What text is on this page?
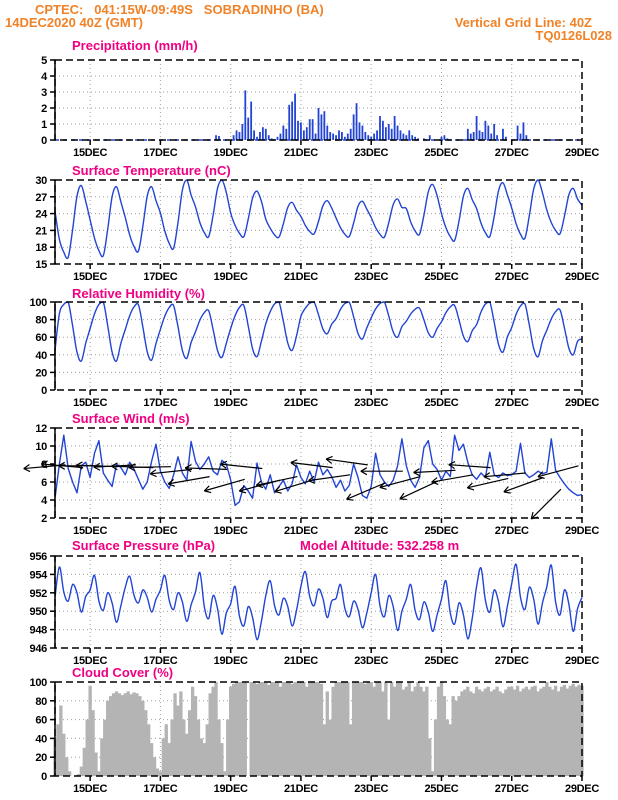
CPTEC:   041:15W-09:49S   SOBRADINHO (BA)
14DEC2020 40Z (GMT)	Vertical Grid Line: 40Z
TQ0126L028
Precipitation (mm/h)
Surface Temperature (nC)
Relative Humidity (%)
Surface Wind (m/s)
Surface Pressure (hPa)	Model Altitude: 532.258 m
Cloud Cover (%)
0
1
2
3
4
5
15DEC	17DEC	19DEC	21DEC	23DEC	25DEC	27DEC	29DEC
15
18
21
24
27
30
15DEC	17DEC	19DEC	21DEC	23DEC	25DEC	27DEC	29DEC
0
20
40
60
80
100
15DEC	17DEC	19DEC	21DEC	23DEC	25DEC	27DEC	29DEC
2
4
6
8
10
12
15DEC	17DEC	19DEC	21DEC	23DEC	25DEC	27DEC	29DEC
946
948
950
952
954
956
15DEC	17DEC	19DEC	21DEC	23DEC	25DEC	27DEC	29DEC
0
20
40
60
80
100
15DEC	17DEC	19DEC	21DEC	23DEC	25DEC	27DEC	29DEC
